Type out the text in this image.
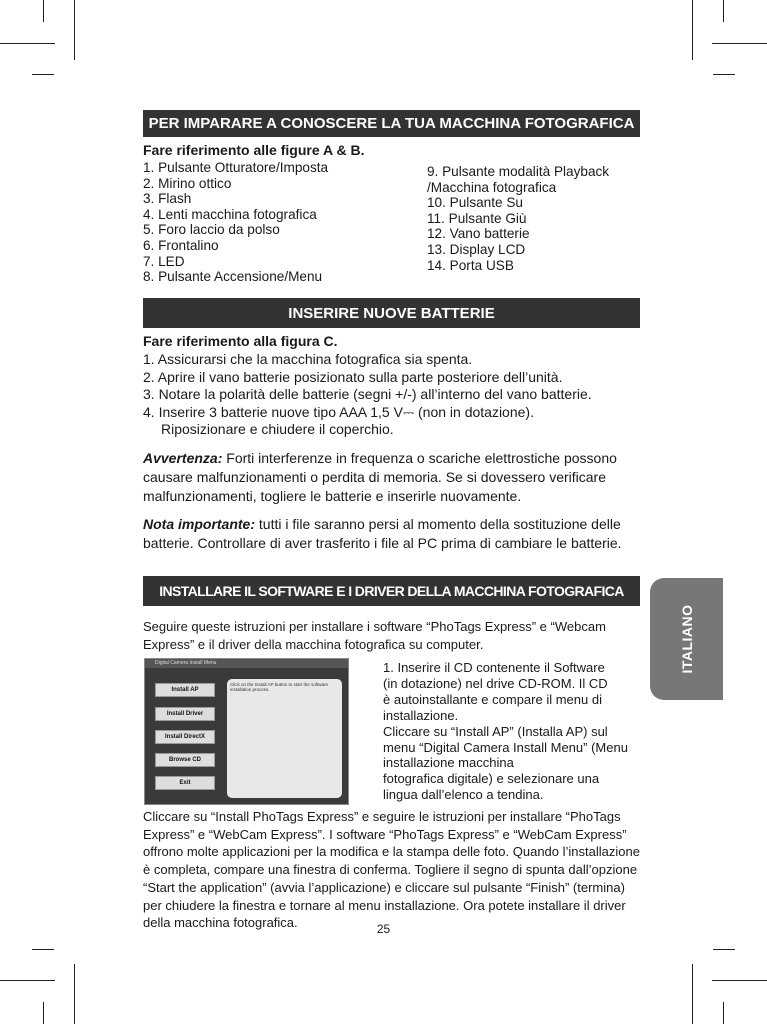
PER IMPARARE A CONOSCERE LA TUA MACCHINA FOTOGRAFICA
Fare riferimento alle figure A & B.
1. Pulsante Otturatore/Imposta
2. Mirino ottico
3. Flash
4. Lenti macchina fotografica
5. Foro laccio da polso
6. Frontalino
7. LED
8. Pulsante Accensione/Menu
9. Pulsante modalità Playback
/Macchina fotografica
10. Pulsante Su
11. Pulsante Giù
12. Vano batterie
13. Display LCD
14. Porta USB
INSERIRE NUOVE BATTERIE
Fare riferimento alla figura C.
1. Assicurarsi che la macchina fotografica sia spenta.
2. Aprire il vano batterie posizionato sulla parte posteriore dell’unità.
3. Notare la polarità delle batterie (segni +/-) all’interno del vano batterie.
4. Inserire 3 batterie nuove tipo AAA 1,5 V⎓ (non in dotazione).
Riposizionare e chiudere il coperchio.
Avvertenza: Forti interferenze in frequenza o scariche elettrostiche possono causare malfunzionamenti o perdita di memoria. Se si dovessero verificare malfunzionamenti, togliere le batterie e inserirle nuovamente.
Nota importante: tutti i file saranno persi al momento della sostituzione delle batterie. Controllare di aver trasferito i file al PC prima di cambiare le batterie.
INSTALLARE IL SOFTWARE E I DRIVER DELLA MACCHINA FOTOGRAFICA
Seguire queste istruzioni per installare i software “PhoTags Express” e “Webcam Express” e il driver della macchina fotografica su computer.
Digital Camera Install Menu
Install AP
Install Driver
Install DirectX
Browse CD
Exit
Click on the Install AP button to start the software installation process.
1. Inserire il CD contenente il Software
(in dotazione) nel drive CD-ROM. Il CD
è autoinstallante e compare il menu di
installazione.
Cliccare su “Install AP” (Installa AP) sul
menu “Digital Camera Install Menu” (Menu
installazione macchina
fotografica digitale) e selezionare una
lingua dall’elenco a tendina.
Cliccare su “Install PhoTags Express” e seguire le istruzioni per installare “PhoTags Express” e “WebCam Express”. I software “PhoTags Express” e “WebCam Express” offrono molte applicazioni per la modifica e la stampa delle foto. Quando l’installazione è completa, compare una finestra di conferma. Togliere il segno di spunta dall’opzione “Start the application” (avvia l’applicazione) e cliccare sul pulsante “Finish” (termina) per chiudere la finestra e tornare al menu installazione. Ora potete installare il driver della macchina fotografica.
ITALIANO
25
